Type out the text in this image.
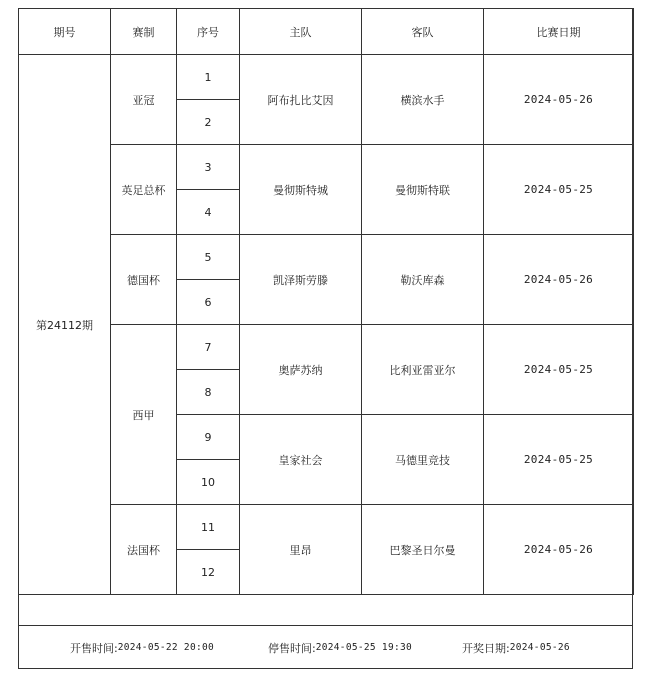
期号	赛制	序号	主队	客队	比赛日期
第24112期	亚冠	1	阿布扎比艾因	横滨水手	2024-05-26
		2			
	英足总杯	3	曼彻斯特城	曼彻斯特联	2024-05-25
		4			
	德国杯	5	凯泽斯劳滕	勒沃库森	2024-05-26
		6			
	西甲	7	奥萨苏纳	比利亚雷亚尔	2024-05-25
		8			
		9	皇家社会	马德里竞技	2024-05-25
		10			
	法国杯	11	里昂	巴黎圣日尔曼	2024-05-26
		12			
开售时间: 2024-05-22 20:00	停售时间: 2024-05-25 19:30	开奖日期: 2024-05-26
